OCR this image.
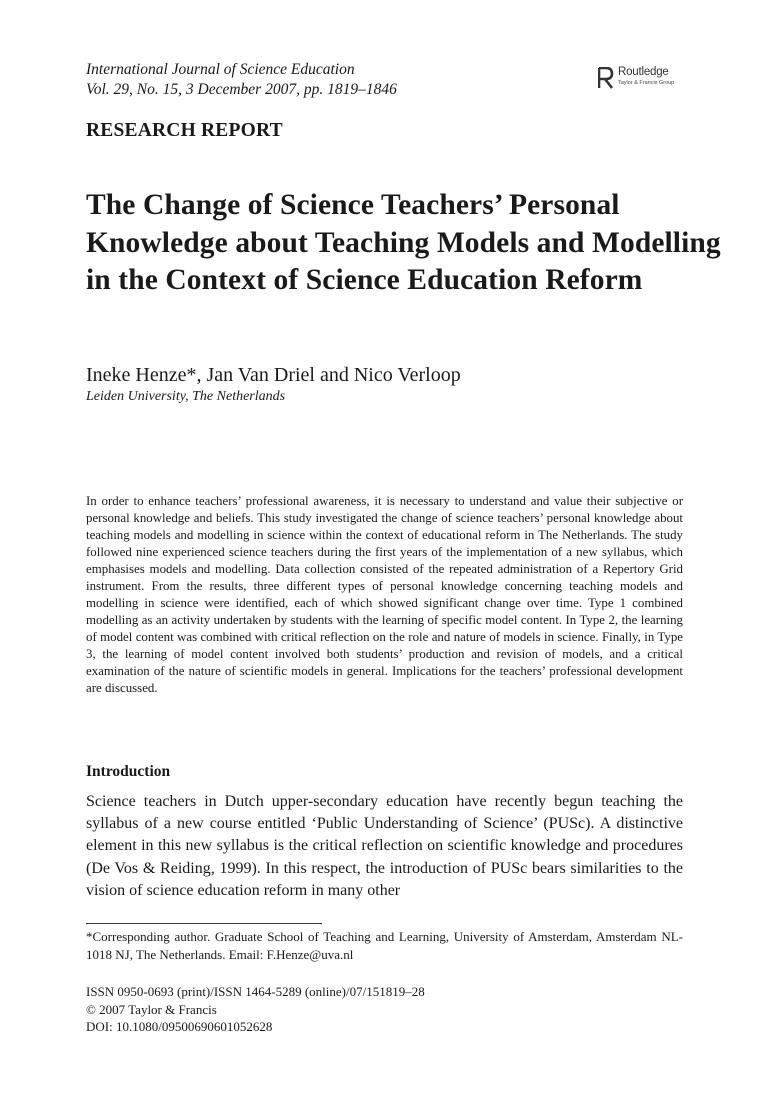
International Journal of Science Education
Vol. 29, No. 15, 3 December 2007, pp. 1819–1846
Routledge
Taylor & Francis Group
RESEARCH REPORT
The Change of Science Teachers’ Personal Knowledge about Teaching Models and Modelling in the Context of Science Education Reform
Ineke Henze*, Jan Van Driel and Nico Verloop
Leiden University, The Netherlands

In order to enhance teachers’ professional awareness, it is necessary to understand and value their subjective or personal knowledge and beliefs. This study investigated the change of science teachers’ personal knowledge about teaching models and modelling in science within the context of educational reform in The Netherlands. The study followed nine experienced science teachers during the first years of the implementation of a new syllabus, which emphasises models and modelling. Data collection consisted of the repeated administration of a Repertory Grid instrument. From the results, three different types of personal knowledge concerning teaching models and modelling in science were identified, each of which showed significant change over time. Type 1 combined modelling as an activity undertaken by students with the learning of specific model content. In Type 2, the learning of model content was combined with critical reflection on the role and nature of models in science. Finally, in Type 3, the learning of model content involved both students’ production and revision of models, and a critical examination of the nature of scientific models in general. Implications for the teachers’ professional development are discussed.

Introduction

Science teachers in Dutch upper-secondary education have recently begun teaching the syllabus of a new course entitled ‘Public Understanding of Science’ (PUSc). A distinctive element in this new syllabus is the critical reflection on scientific knowledge and procedures (De Vos & Reiding, 1999). In this respect, the introduction of PUSc bears similarities to the vision of science education reform in many other

*Corresponding author. Graduate School of Teaching and Learning, University of Amsterdam, Amsterdam NL-1018 NJ, The Netherlands. Email: F.Henze@uva.nl

ISSN 0950-0693 (print)/ISSN 1464-5289 (online)/07/151819–28
© 2007 Taylor & Francis
DOI: 10.1080/09500690601052628
